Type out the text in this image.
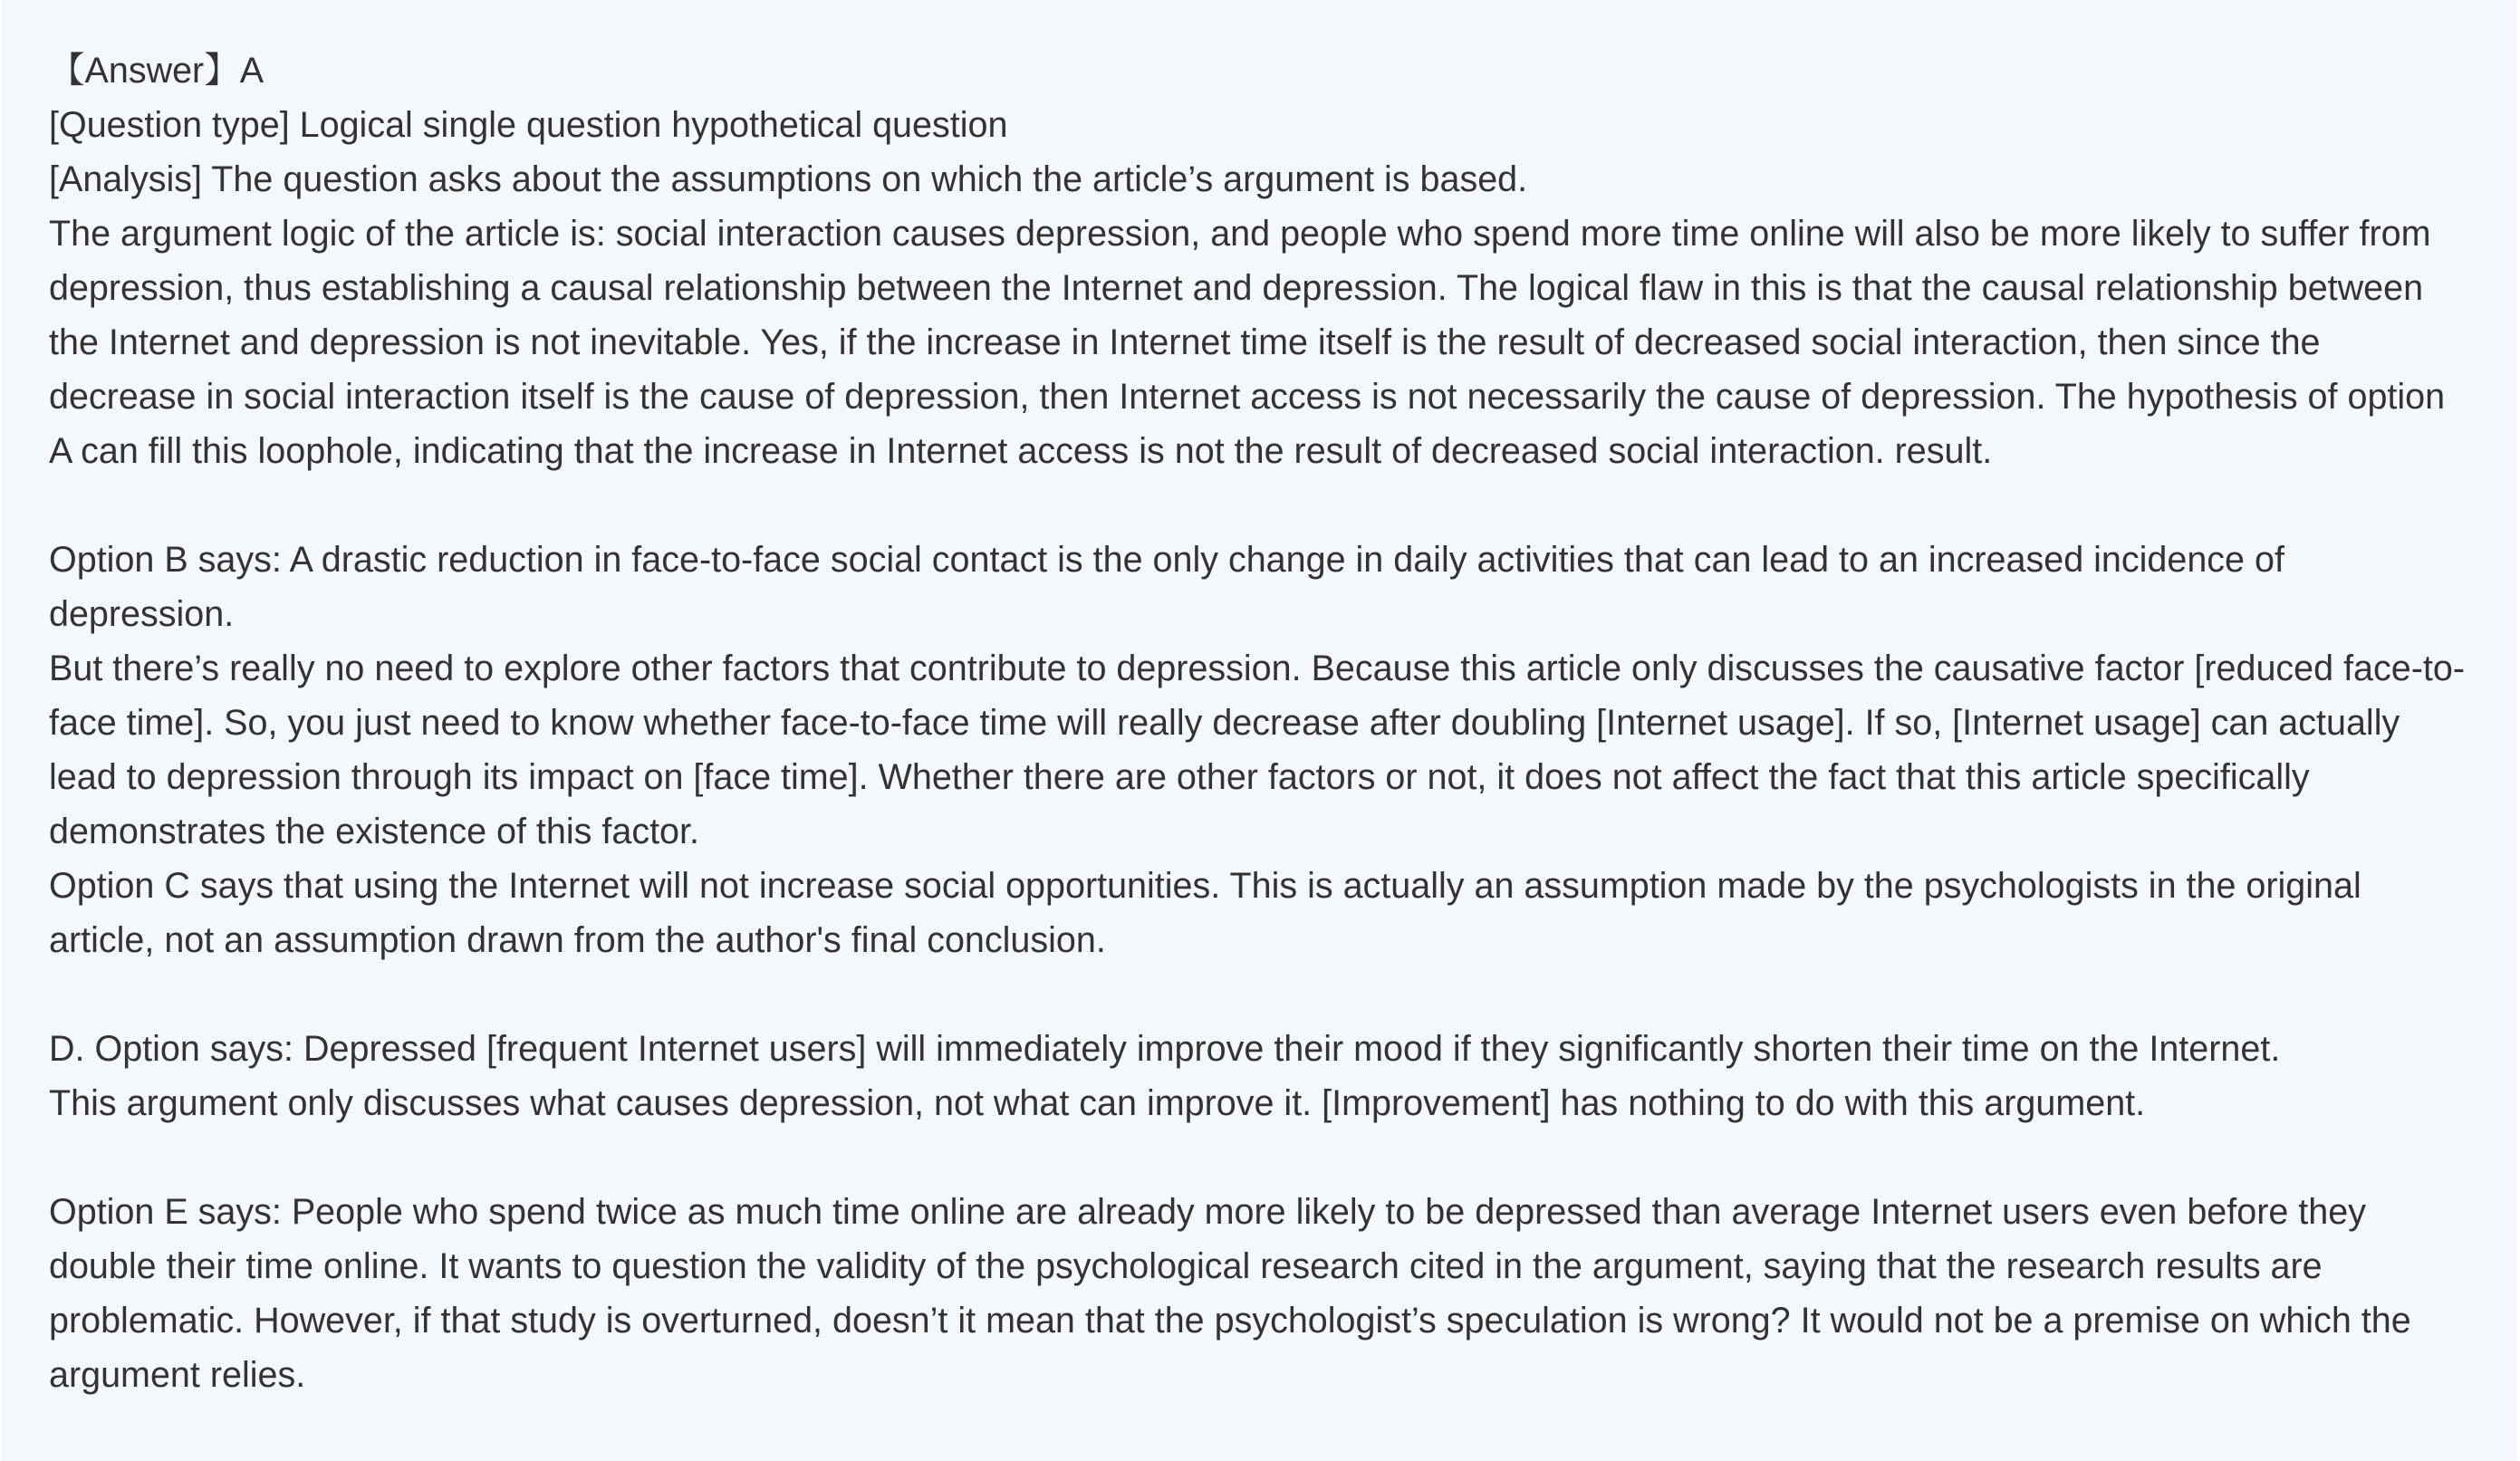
【Answer】A

[Question type] Logical single question hypothetical question

[Analysis] The question asks about the assumptions on which the article’s argument is based.

The argument logic of the article is: social interaction causes depression, and people who spend more time online will also be more likely to suffer from depression, thus establishing a causal relationship between the Internet and depression. The logical flaw in this is that the causal relationship between the Internet and depression is not inevitable. Yes, if the increase in Internet time itself is the result of decreased social interaction, then since the decrease in social interaction itself is the cause of depression, then Internet access is not necessarily the cause of depression. The hypothesis of option A can fill this loophole, indicating that the increase in Internet access is not the result of decreased social interaction. result.

Option B says: A drastic reduction in face-to-face social contact is the only change in daily activities that can lead to an increased incidence of depression.

But there’s really no need to explore other factors that contribute to depression. Because this article only discusses the causative factor [reduced face-to-face time]. So, you just need to know whether face-to-face time will really decrease after doubling [Internet usage]. If so, [Internet usage] can actually lead to depression through its impact on [face time]. Whether there are other factors or not, it does not affect the fact that this article specifically demonstrates the existence of this factor.

Option C says that using the Internet will not increase social opportunities. This is actually an assumption made by the psychologists in the original article, not an assumption drawn from the author's final conclusion.

D. Option says: Depressed [frequent Internet users] will immediately improve their mood if they significantly shorten their time on the Internet.

This argument only discusses what causes depression, not what can improve it. [Improvement] has nothing to do with this argument.

Option E says: People who spend twice as much time online are already more likely to be depressed than average Internet users even before they double their time online. It wants to question the validity of the psychological research cited in the argument, saying that the research results are problematic. However, if that study is overturned, doesn’t it mean that the psychologist’s speculation is wrong? It would not be a premise on which the argument relies.
